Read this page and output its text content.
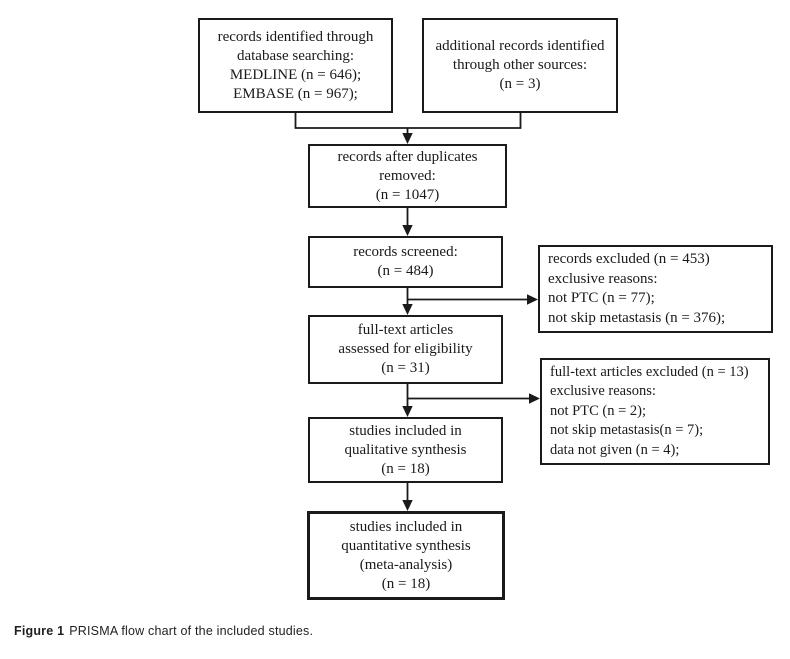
records identified through
database searching:
MEDLINE (n = 646);
EMBASE (n = 967);
additional records identified
through other sources:
(n = 3)
records after duplicates
removed:
(n = 1047)
records screened:
(n = 484)
full-text articles
assessed for eligibility
(n = 31)
studies included in
qualitative synthesis
(n = 18)
studies included in
quantitative synthesis
(meta-analysis)
(n = 18)
records excluded (n = 453)
exclusive reasons:
not PTC (n = 77);
not skip metastasis (n = 376);
full-text articles excluded (n = 13)
exclusive reasons:
not PTC (n = 2);
not skip metastasis(n = 7);
data not given (n = 4);
Figure 1 PRISMA flow chart of the included studies.
